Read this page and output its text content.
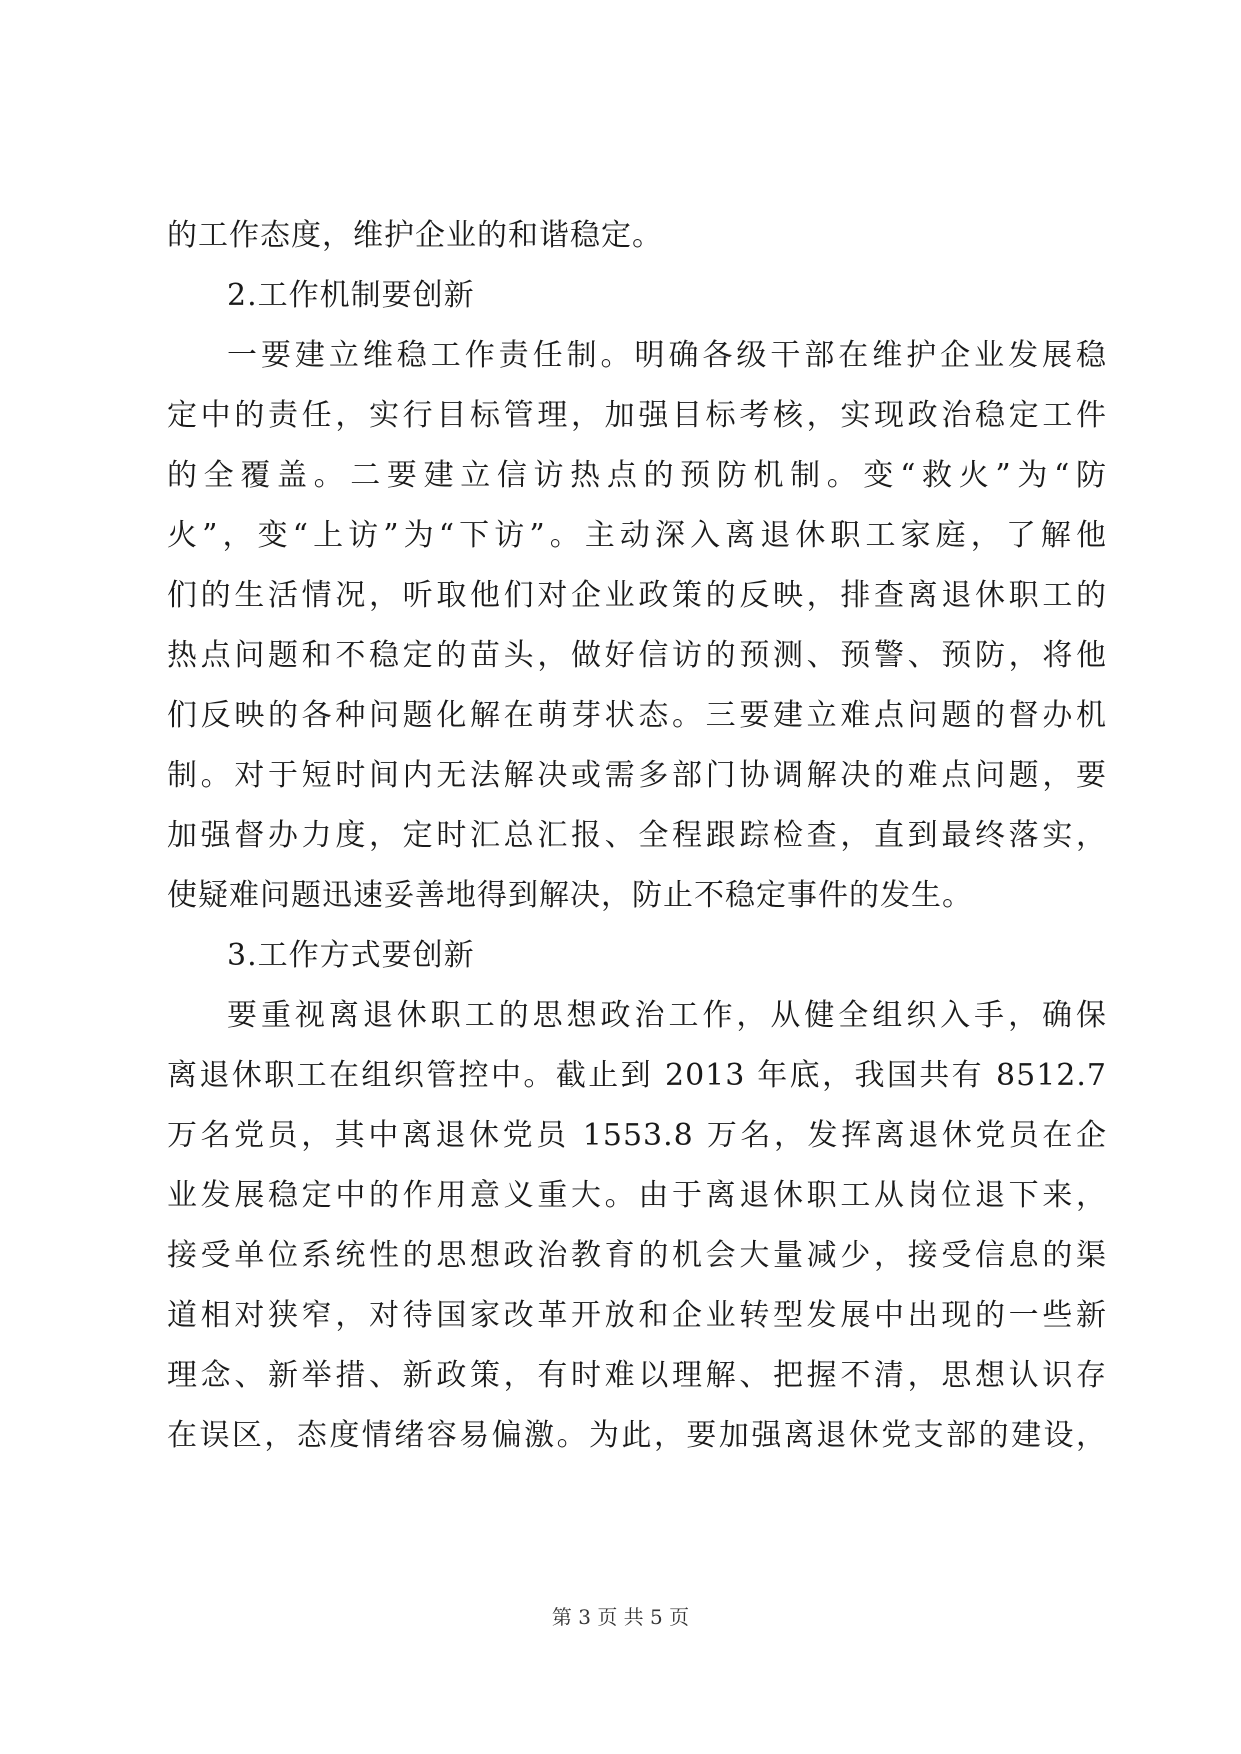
的工作态度，维护企业的和谐稳定。
2.工作机制要创新
一要建立维稳工作责任制。明确各级干部在维护企业发展稳
定中的责任，实行目标管理，加强目标考核，实现政治稳定工件
的全覆盖。二要建立信访热点的预防机制。变“救火”为“防
火”，变“上访”为“下访”。主动深入离退休职工家庭，了解他
们的生活情况，听取他们对企业政策的反映，排查离退休职工的
热点问题和不稳定的苗头，做好信访的预测、预警、预防，将他
们反映的各种问题化解在萌芽状态。三要建立难点问题的督办机
制。对于短时间内无法解决或需多部门协调解决的难点问题，要
加强督办力度，定时汇总汇报、全程跟踪检查，直到最终落实，
使疑难问题迅速妥善地得到解决，防止不稳定事件的发生。
3.工作方式要创新
要重视离退休职工的思想政治工作，从健全组织入手，确保
离退休职工在组织管控中。截止到 2013 年底，我国共有 8512.7
万名党员，其中离退休党员 1553.8 万名，发挥离退休党员在企
业发展稳定中的作用意义重大。由于离退休职工从岗位退下来，
接受单位系统性的思想政治教育的机会大量减少，接受信息的渠
道相对狭窄，对待国家改革开放和企业转型发展中出现的一些新
理念、新举措、新政策，有时难以理解、把握不清，思想认识存
在误区，态度情绪容易偏激。为此，要加强离退休党支部的建设，
第 3 页 共 5 页
